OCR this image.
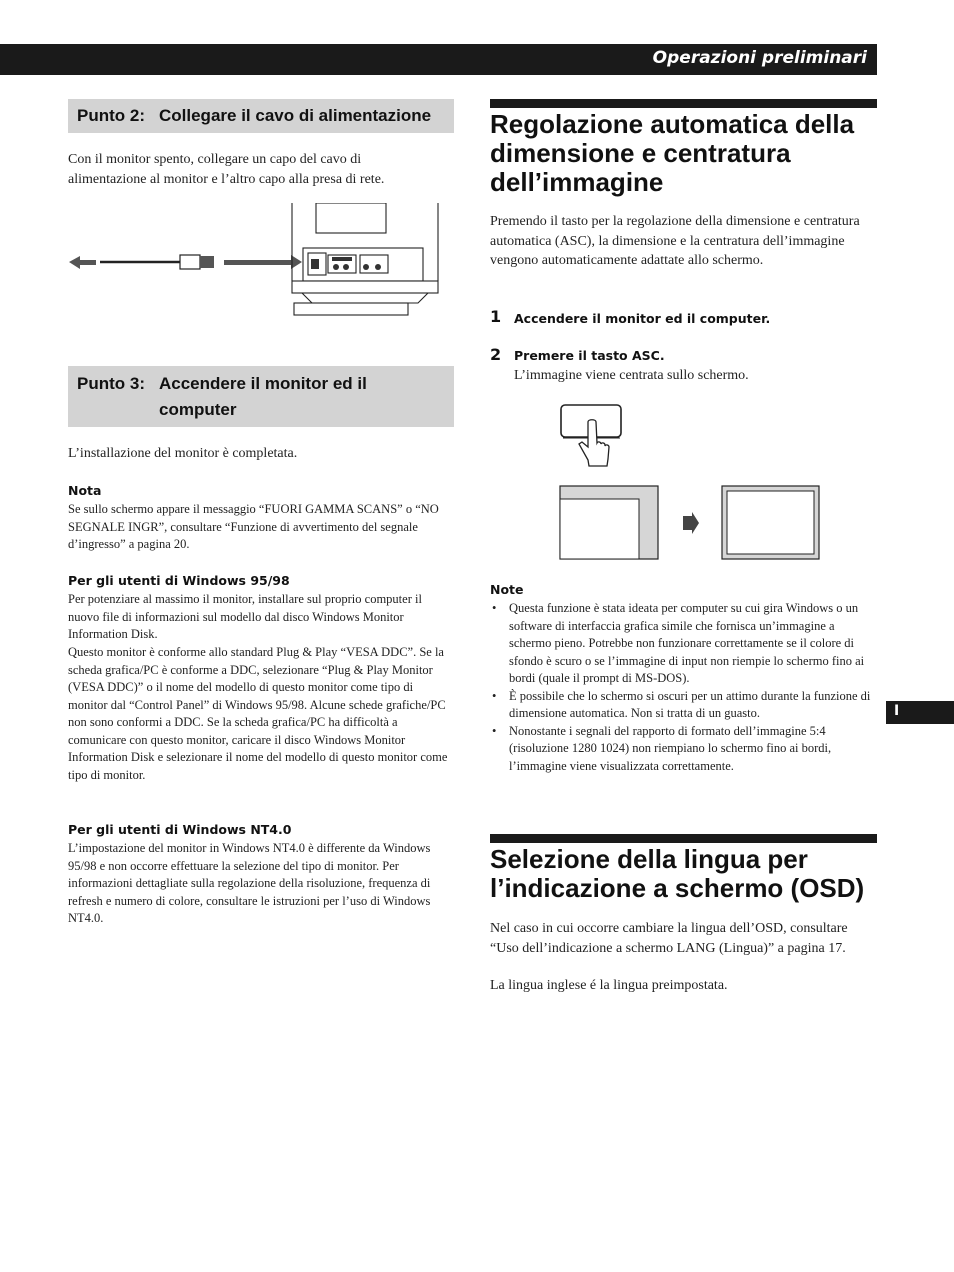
Operazioni preliminari
Punto 2: Collegare il cavo di alimentazione
Con il monitor spento, collegare un capo del cavo di alimentazione al monitor e l’altro capo alla presa di rete.
Punto 3: Accendere il monitor ed il
computer
L’installazione del monitor è completata.
Nota
Se sullo schermo appare il messaggio “FUORI GAMMA SCANS” o “NO SEGNALE INGR”, consultare “Funzione di avvertimento del segnale d’ingresso” a pagina 20.
Per gli utenti di Windows 95/98
Per potenziare al massimo il monitor, installare sul proprio computer il nuovo file di informazioni sul modello dal disco Windows Monitor Information Disk.
Questo monitor è conforme allo standard Plug & Play “VESA DDC”. Se la scheda grafica/PC è conforme a DDC, selezionare “Plug & Play Monitor (VESA DDC)” o il nome del modello di questo monitor come tipo di monitor dal “Control Panel” di Windows 95/98. Alcune schede grafiche/PC non sono conformi a DDC. Se la scheda grafica/PC ha difficoltà a comunicare con questo monitor, caricare il disco Windows Monitor Information Disk e selezionare il nome del modello di questo monitor come tipo di monitor.
Per gli utenti di Windows NT4.0
L’impostazione del monitor in Windows NT4.0 è differente da Windows 95/98 e non occorre effettuare la selezione del tipo di monitor. Per informazioni dettagliate sulla regolazione della risoluzione, frequenza di refresh e numero di colore, consultare le istruzioni per l’uso di Windows NT4.0.
Regolazione automatica della dimensione e centratura dell’immagine
Premendo il tasto per la regolazione della dimensione e centratura automatica (ASC), la dimensione e la centratura dell’immagine vengono automaticamente adattate allo schermo.
1 Accendere il monitor ed il computer.
2 Premere il tasto ASC.
L’immagine viene centrata sullo schermo.
Note
• Questa funzione è stata ideata per computer su cui gira Windows o un software di interfaccia grafica simile che fornisca un’immagine a schermo pieno. Potrebbe non funzionare correttamente se il colore di sfondo è scuro o se l’immagine di input non riempie lo schermo fino ai bordi (quale il prompt di MS-DOS).
• È possibile che lo schermo si oscuri per un attimo durante la funzione di dimensione automatica. Non si tratta di un guasto.
• Nonostante i segnali del rapporto di formato dell’immagine 5:4 (risoluzione 1280 1024) non riempiano lo schermo fino ai bordi, l’immagine viene visualizzata correttamente.
Selezione della lingua per
l’indicazione a schermo (OSD)
Nel caso in cui occorre cambiare la lingua dell’OSD, consultare “Uso dell’indicazione a schermo LANG (Lingua)” a pagina 17.
La lingua inglese é la lingua preimpostata.
I
